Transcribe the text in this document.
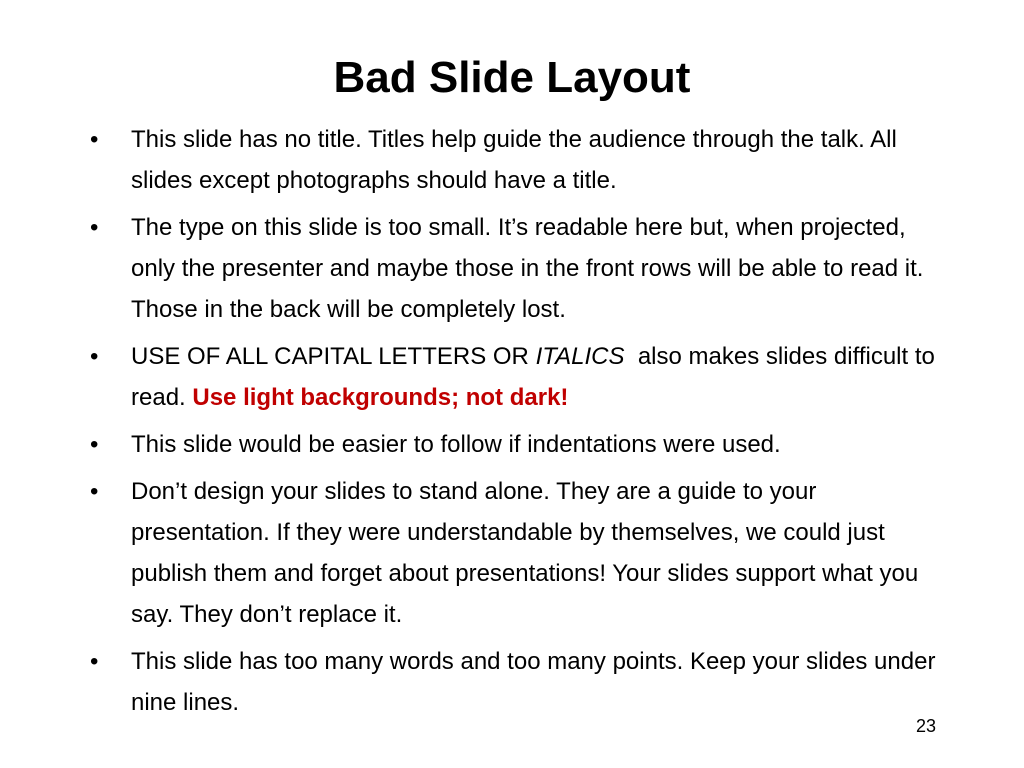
Bad Slide Layout
• This slide has no title. Titles help guide the audience through the talk. All slides except photographs should have a title.
• The type on this slide is too small. It’s readable here but, when projected, only the presenter and maybe those in the front rows will be able to read it. Those in the back will be completely lost.
• USE OF ALL CAPITAL LETTERS OR ITALICS  also makes slides difficult to read. Use light backgrounds; not dark!
• This slide would be easier to follow if indentations were used.
• Don’t design your slides to stand alone. They are a guide to your presentation. If they were understandable by themselves, we could just publish them and forget about presentations! Your slides support what you say. They don’t replace it.
• This slide has too many words and too many points. Keep your slides under nine lines.
23
